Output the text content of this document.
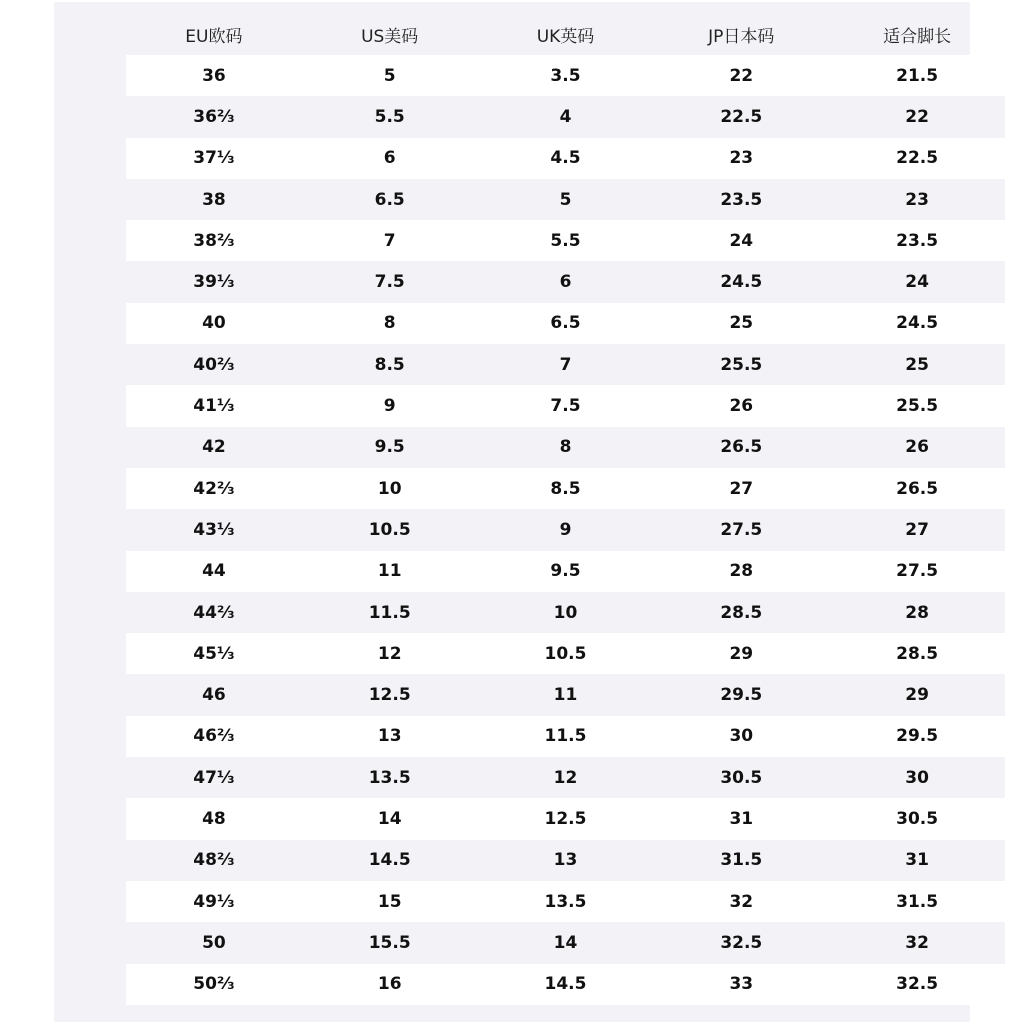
EU欧码	US美码	UK英码	JP日本码	适合脚长
36	5	3.5	22	21.5
36⅔	5.5	4	22.5	22
37⅓	6	4.5	23	22.5
38	6.5	5	23.5	23
38⅔	7	5.5	24	23.5
39⅓	7.5	6	24.5	24
40	8	6.5	25	24.5
40⅔	8.5	7	25.5	25
41⅓	9	7.5	26	25.5
42	9.5	8	26.5	26
42⅔	10	8.5	27	26.5
43⅓	10.5	9	27.5	27
44	11	9.5	28	27.5
44⅔	11.5	10	28.5	28
45⅓	12	10.5	29	28.5
46	12.5	11	29.5	29
46⅔	13	11.5	30	29.5
47⅓	13.5	12	30.5	30
48	14	12.5	31	30.5
48⅔	14.5	13	31.5	31
49⅓	15	13.5	32	31.5
50	15.5	14	32.5	32
50⅔	16	14.5	33	32.5
